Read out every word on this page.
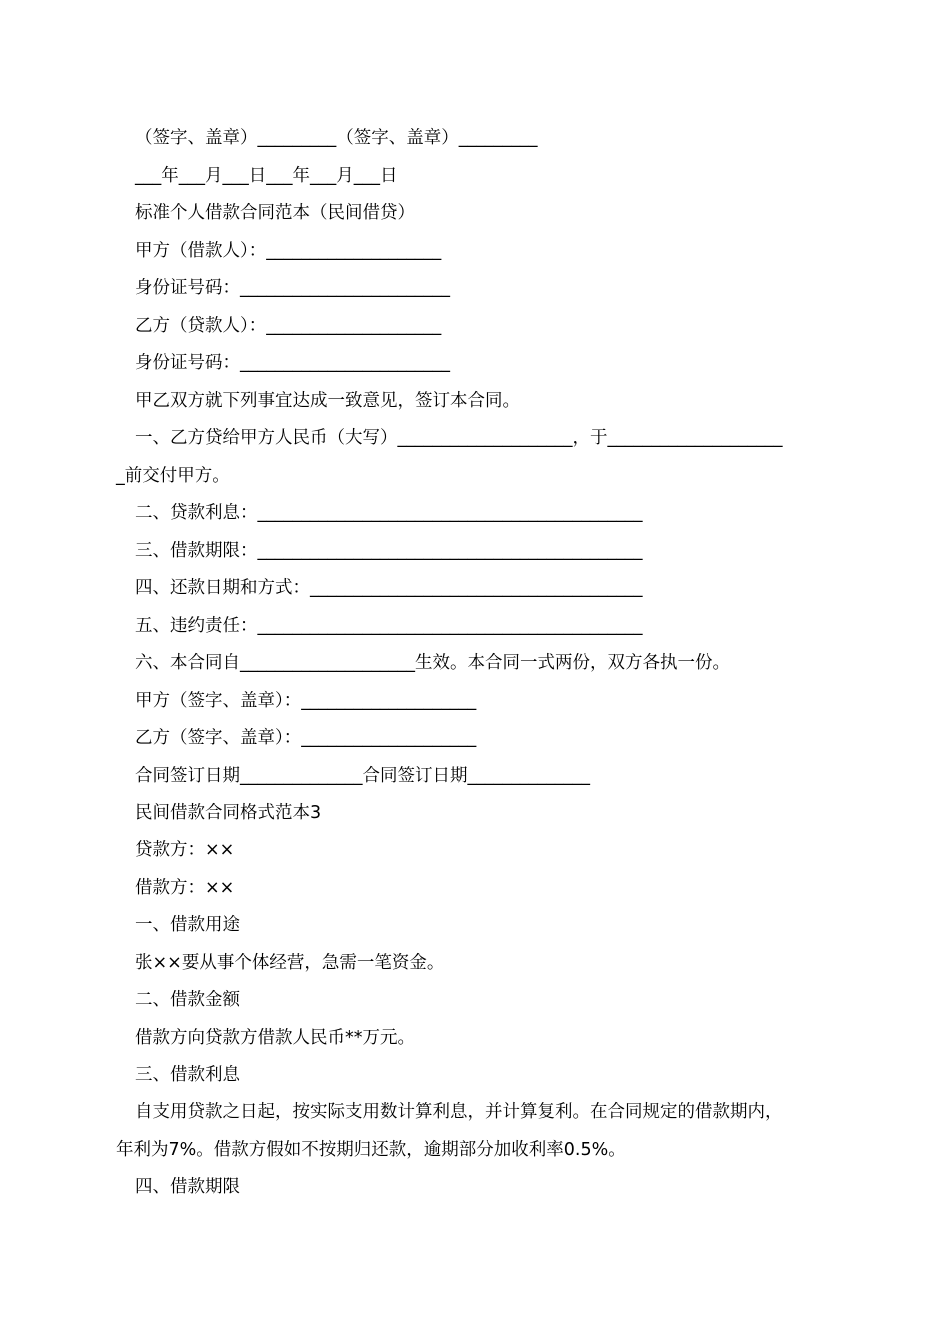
（签字、盖章）_________（签字、盖章）_________
___年___月___日___年___月___日
标准个人借款合同范本（民间借贷）
甲方（借款人）：____________________
身份证号码：________________________
乙方（贷款人）：____________________
身份证号码：________________________
甲乙双方就下列事宜达成一致意见，签订本合同。
一、乙方贷给甲方人民币（大写）____________________，于____________________
_前交付甲方。
二、贷款利息：____________________________________________
三、借款期限：____________________________________________
四、还款日期和方式：______________________________________
五、违约责任：____________________________________________
六、本合同自____________________生效。本合同一式两份，双方各执一份。
甲方（签字、盖章）：____________________
乙方（签字、盖章）：____________________
合同签订日期______________合同签订日期______________
民间借款合同格式范本3
贷款方：××
借款方：××
一、借款用途
张××要从事个体经营，急需一笔资金。
二、借款金额
借款方向贷款方借款人民币**万元。
三、借款利息
自支用贷款之日起，按实际支用数计算利息，并计算复利。在合同规定的借款期内，
年利为7%。借款方假如不按期归还款，逾期部分加收利率0.5%。
四、借款期限
